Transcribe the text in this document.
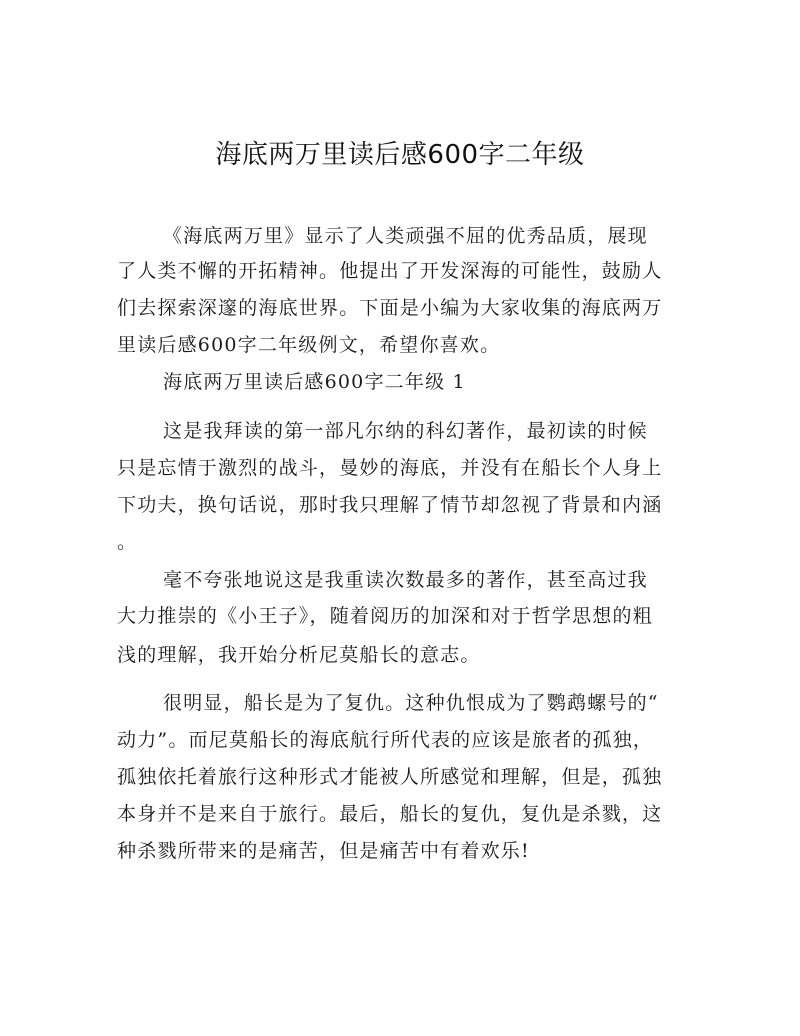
海底两万里读后感600字二年级
《海底两万里》显示了人类顽强不屈的优秀品质，展现
了人类不懈的开拓精神。他提出了开发深海的可能性，鼓励人
们去探索深邃的海底世界。下面是小编为大家收集的海底两万
里读后感600字二年级例文，希望你喜欢。
海底两万里读后感600字二年级 1
这是我拜读的第一部凡尔纳的科幻著作，最初读的时候
只是忘情于激烈的战斗，曼妙的海底，并没有在船长个人身上
下功夫，换句话说，那时我只理解了情节却忽视了背景和内涵
。
毫不夸张地说这是我重读次数最多的著作，甚至高过我
大力推崇的《小王子》，随着阅历的加深和对于哲学思想的粗
浅的理解，我开始分析尼莫船长的意志。
很明显，船长是为了复仇。这种仇恨成为了鹦鹉螺号的“
动力”。而尼莫船长的海底航行所代表的应该是旅者的孤独，
孤独依托着旅行这种形式才能被人所感觉和理解，但是，孤独
本身并不是来自于旅行。最后，船长的复仇，复仇是杀戮，这
种杀戮所带来的是痛苦，但是痛苦中有着欢乐!
